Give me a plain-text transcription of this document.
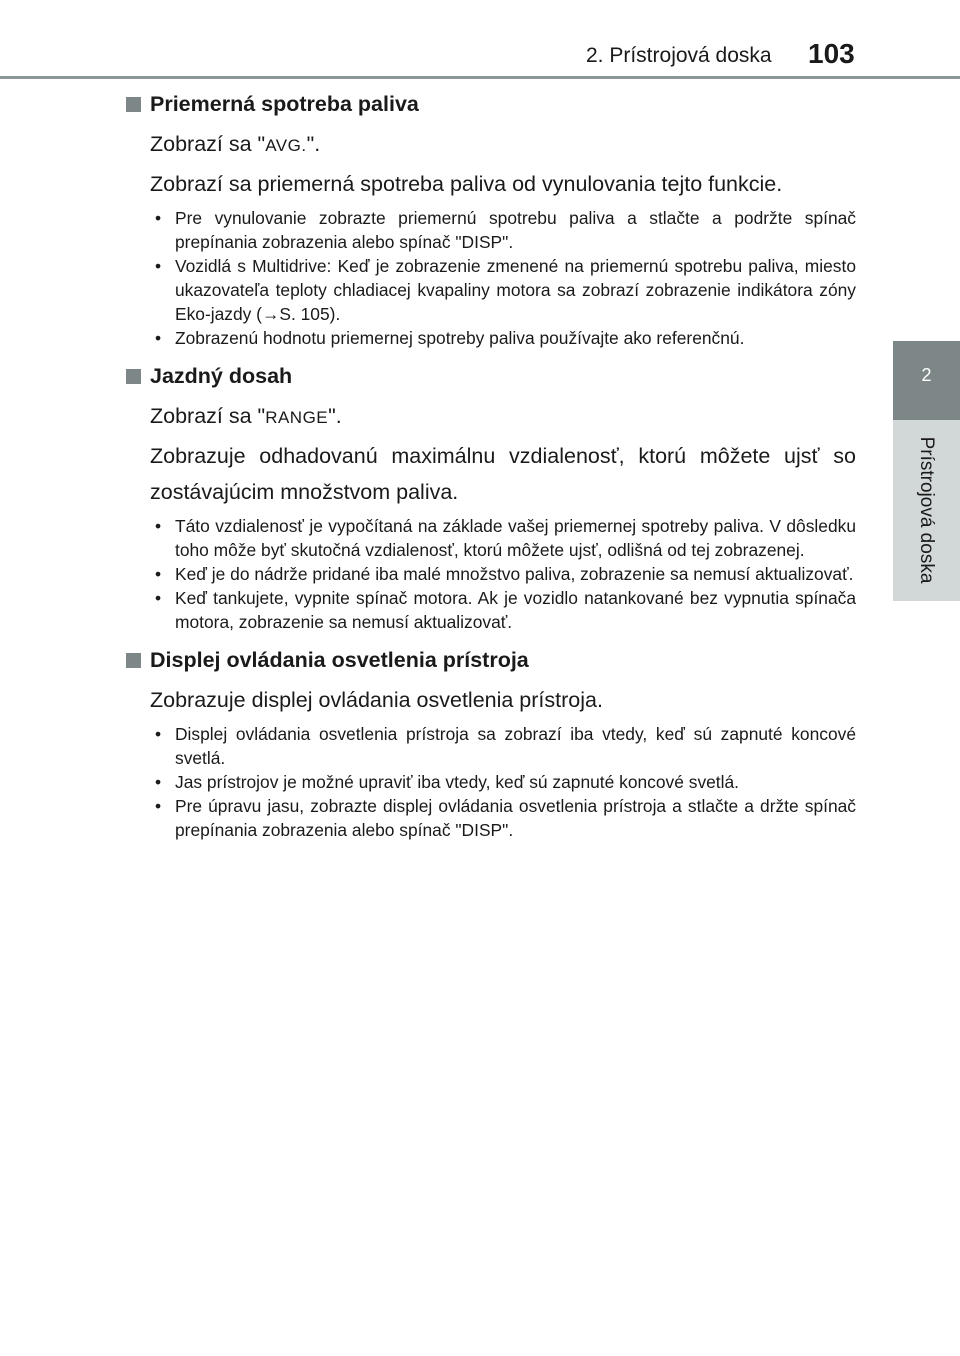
2. Prístrojová doska 103
2
Prístrojová doska
Priemerná spotreba paliva
Zobrazí sa "AVG.".
Zobrazí sa priemerná spotreba paliva od vynulovania tejto funkcie.
• Pre vynulovanie zobrazte priemernú spotrebu paliva a stlačte a podržte spínač prepínania zobrazenia alebo spínač "DISP".
• Vozidlá s Multidrive: Keď je zobrazenie zmenené na priemernú spotrebu paliva, miesto ukazovateľa teploty chladiacej kvapaliny motora sa zobrazí zobrazenie indikátora zóny Eko-jazdy (→S. 105).
• Zobrazenú hodnotu priemernej spotreby paliva používajte ako referenčnú.
Jazdný dosah
Zobrazí sa "RANGE".
Zobrazuje odhadovanú maximálnu vzdialenosť, ktorú môžete ujsť so zostávajúcim množstvom paliva.
• Táto vzdialenosť je vypočítaná na základe vašej priemernej spotreby paliva. V dôsledku toho môže byť skutočná vzdialenosť, ktorú môžete ujsť, odlišná od tej zobrazenej.
• Keď je do nádrže pridané iba malé množstvo paliva, zobrazenie sa nemusí aktualizovať.
• Keď tankujete, vypnite spínač motora. Ak je vozidlo natankované bez vypnutia spínača motora, zobrazenie sa nemusí aktualizovať.
Displej ovládania osvetlenia prístroja
Zobrazuje displej ovládania osvetlenia prístroja.
• Displej ovládania osvetlenia prístroja sa zobrazí iba vtedy, keď sú zapnuté koncové svetlá.
• Jas prístrojov je možné upraviť iba vtedy, keď sú zapnuté koncové svetlá.
• Pre úpravu jasu, zobrazte displej ovládania osvetlenia prístroja a stlačte a držte spínač prepínania zobrazenia alebo spínač "DISP".
